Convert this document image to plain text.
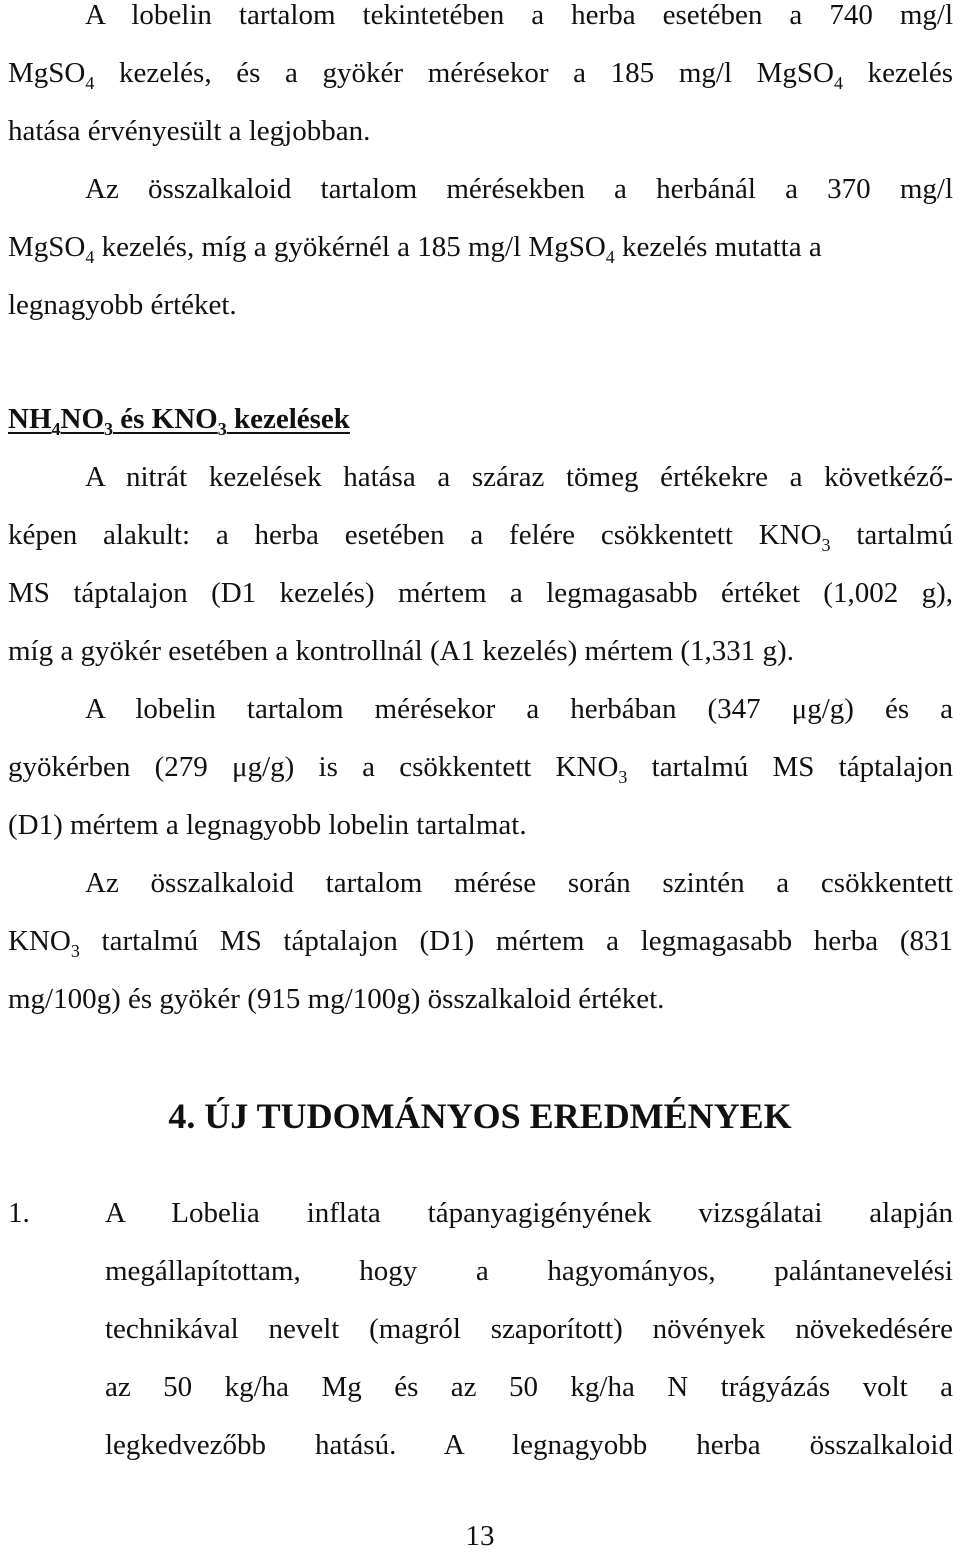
A lobelin tartalom tekintetében a herba esetében a 740 mg/l
MgSO$_4$ kezelés, és a gyökér mérésekor a 185 mg/l MgSO$_4$ kezelés
hatása érvényesült a legjobban.
Az összalkaloid tartalom mérésekben a herbánál a 370 mg/l
MgSO$_4$ kezelés, míg a gyökérnél a 185 mg/l MgSO$_4$ kezelés mutatta a
legnagyobb értéket.
$NH_4NO_3$ és $KNO_3$ kezelések
A nitrát kezelések hatása a száraz tömeg értékekre a követkéző-
képen alakult: a herba esetében a felére csökkentett $KNO_3$ tartalmú
MS táptalajon (D1 kezelés) mértem a legmagasabb értéket (1,002 g),
míg a gyökér esetében a kontrollnál (A1 kezelés) mértem (1,331 g).
A lobelin tartalom mérésekor a herbában (347 μg/g) és a
gyökérben (279 μg/g) is a csökkentett $KNO_3$ tartalmú MS táptalajon
(D1) mértem a legnagyobb lobelin tartalmat.
Az összalkaloid tartalom mérése során szintén a csökkentett
$KNO_3$ tartalmú MS táptalajon (D1) mértem a legmagasabb herba (831
mg/100g) és gyökér (915 mg/100g) összalkaloid értéket.
4. ÚJ TUDOMÁNYOS EREDMÉNYEK
1.	A Lobelia inflata tápanyagigényének vizsgálatai alapján
megállapítottam, hogy a hagyományos, palántanevelési
technikával nevelt (magról szaporított) növények növekedésére
az 50 kg/ha Mg és az 50 kg/ha N trágyázás volt a
legkedvezőbb hatású. A legnagyobb herba összalkaloid
13
